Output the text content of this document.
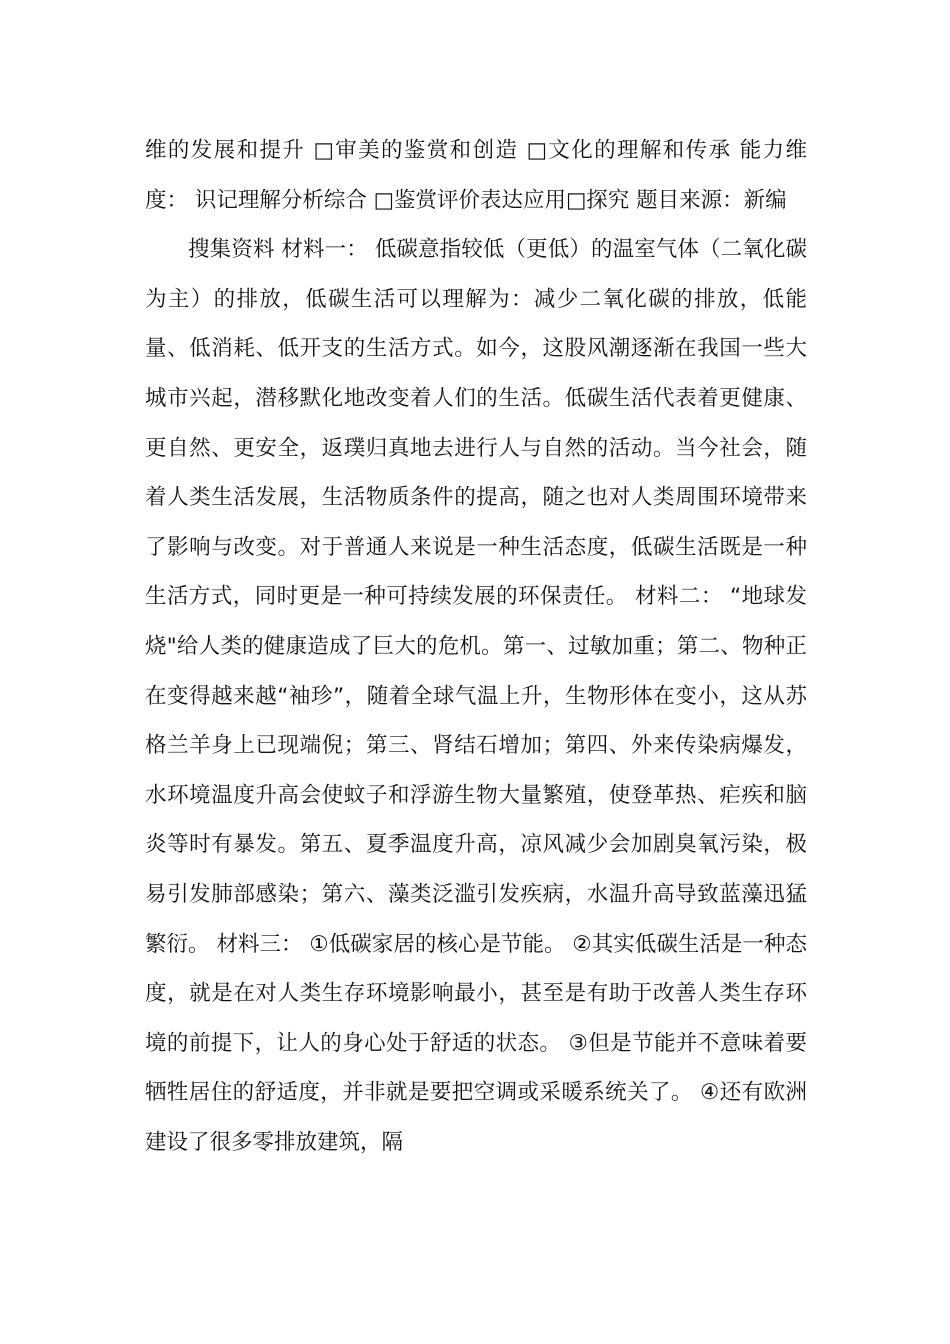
维的发展和提升 □审美的鉴赏和创造 □文化的理解和传承 能力维度： 识记理解分析综合 □鉴赏评价表达应用□探究 题目来源：新编

搜集资料 材料一： 低碳意指较低（更低）的温室气体（二氧化碳为主）的排放，低碳生活可以理解为：减少二氧化碳的排放，低能量、低消耗、低开支的生活方式。如今，这股风潮逐渐在我国一些大城市兴起，潜移默化地改变着人们的生活。低碳生活代表着更健康、更自然、更安全，返璞归真地去进行人与自然的活动。当今社会，随着人类生活发展，生活物质条件的提高，随之也对人类周围环境带来了影响与改变。对于普通人来说是一种生活态度，低碳生活既是一种生活方式，同时更是一种可持续发展的环保责任。 材料二： “地球发烧"给人类的健康造成了巨大的危机。第一、过敏加重；第二、物种正在变得越来越“袖珍”，随着全球气温上升，生物形体在变小，这从苏格兰羊身上已现端倪；第三、肾结石增加；第四、外来传染病爆发，水环境温度升高会使蚊子和浮游生物大量繁殖，使登革热、疟疾和脑炎等时有暴发。第五、夏季温度升高，凉风减少会加剧臭氧污染，极易引发肺部感染；第六、藻类泛滥引发疾病，水温升高导致蓝藻迅猛繁衍。 材料三： ①低碳家居的核心是节能。 ②其实低碳生活是一种态度，就是在对人类生存环境影响最小，甚至是有助于改善人类生存环境的前提下，让人的身心处于舒适的状态。 ③但是节能并不意味着要牺牲居住的舒适度，并非就是要把空调或采暖系统关了。 ④还有欧洲建设了很多零排放建筑，隔
